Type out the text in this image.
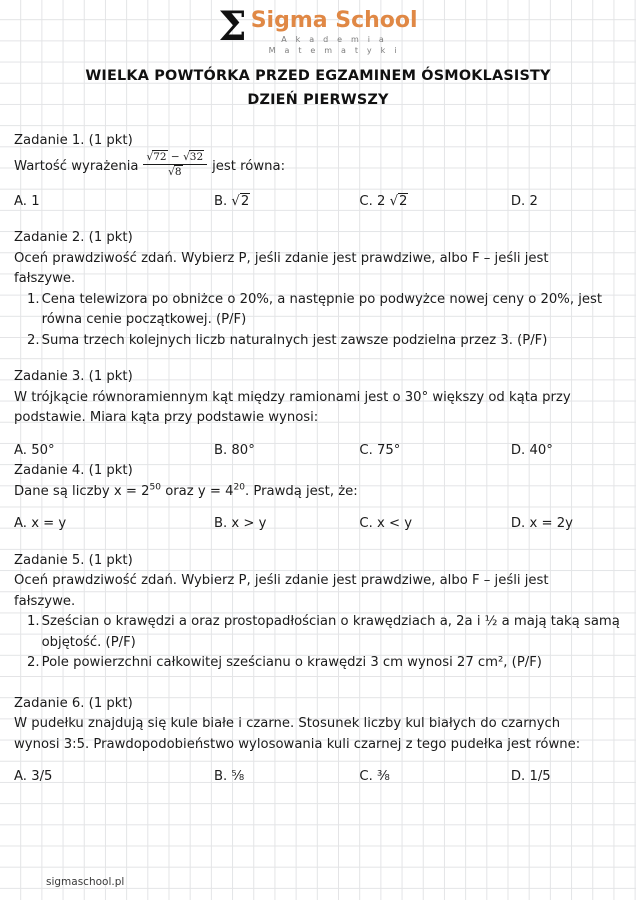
Σ Sigma School
A k a d e m i a
M a t e m a t y k i
WIELKA POWTÓRKA PRZED EGZAMINEM ÓSMOKLASISTY
DZIEŃ PIERWSZY
Zadanie 1. (1 pkt)
Wartość wyrażenia $\frac{√72 - √32}{√8}$ jest równa:
A. 1	B. √2	C. 2 √2	D. 2
Zadanie 2. (1 pkt)
Oceń prawdziwość zdań. Wybierz P, jeśli zdanie jest prawdziwe, albo F – jeśli jest
fałszywe.
1. Cena telewizora po obniżce o 20%, a następnie po podwyżce nowej ceny o 20%, jest równa cenie początkowej. (P/F)
2. Suma trzech kolejnych liczb naturalnych jest zawsze podzielna przez 3. (P/F)
Zadanie 3. (1 pkt)
W trójkącie równoramiennym kąt między ramionami jest o 30° większy od kąta przy
podstawie. Miara kąta przy podstawie wynosi:
A. 50°	B. 80°	C. 75°	D. 40°
Zadanie 4. (1 pkt)
Dane są liczby $x = 2^{50}$ oraz $y = 4^{20}$. Prawdą jest, że:
A. x = y	B. x > y	C. x < y	D. x = 2y
Zadanie 5. (1 pkt)
Oceń prawdziwość zdań. Wybierz P, jeśli zdanie jest prawdziwe, albo F – jeśli jest
fałszywe.
1. Sześcian o krawędzi a oraz prostopadłościan o krawędziach a, 2a i ½ a mają taką samą objętość. (P/F)
2. Pole powierzchni całkowitej sześcianu o krawędzi 3 cm wynosi 27 cm², (P/F)
Zadanie 6. (1 pkt)
W pudełku znajdują się kule białe i czarne. Stosunek liczby kul białych do czarnych
wynosi 3:5. Prawdopodobieństwo wylosowania kuli czarnej z tego pudełka jest równe:
A. 3/5	B. ⅝	C. ⅜	D. 1/5
sigmaschool.pl
